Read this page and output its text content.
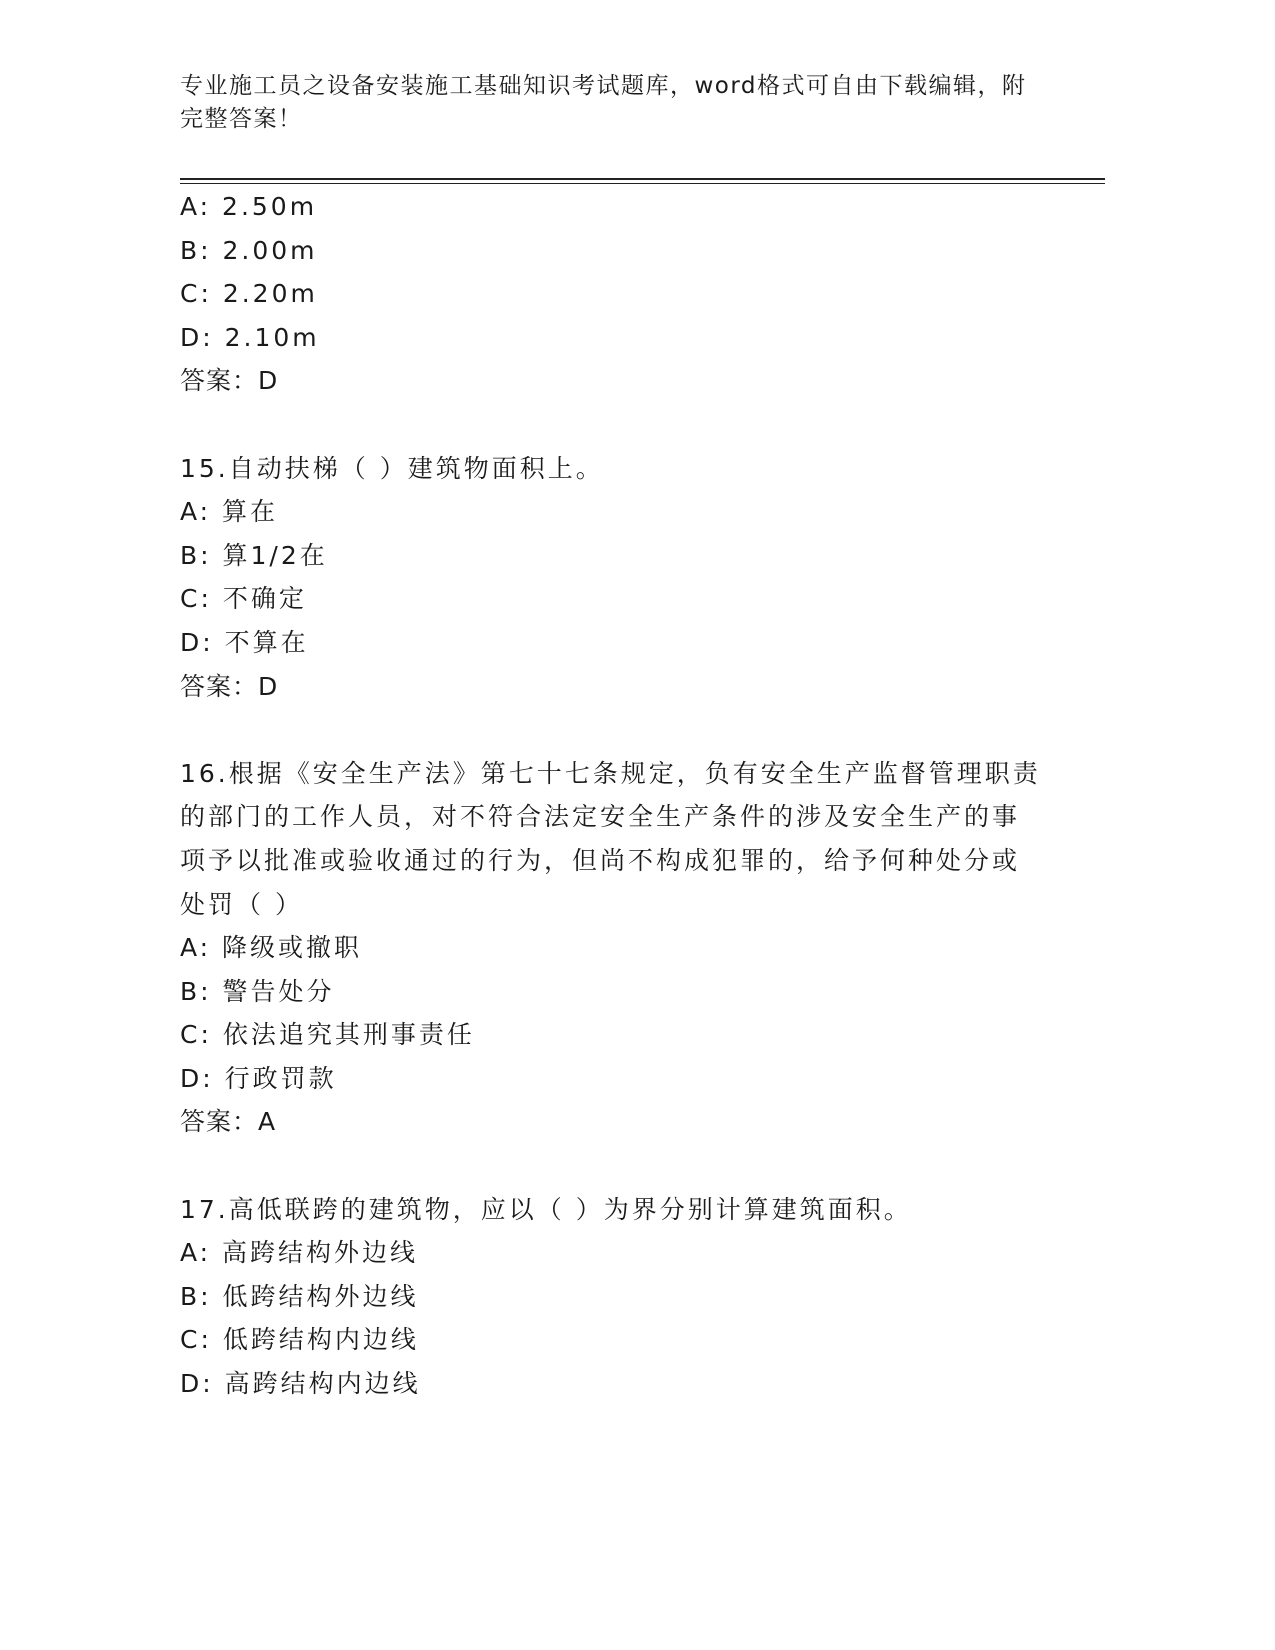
专业施工员之设备安装施工基础知识考试题库，word格式可自由下载编辑，附完整答案！
A: 2.50m
B: 2.00m
C: 2.20m
D: 2.10m
答案：D
15.自动扶梯（ ）建筑物面积上。
A: 算在
B: 算1/2在
C: 不确定
D: 不算在
答案：D
16.根据《安全生产法》第七十七条规定，负有安全生产监督管理职责
的部门的工作人员，对不符合法定安全生产条件的涉及安全生产的事
项予以批准或验收通过的行为，但尚不构成犯罪的，给予何种处分或
处罚（ ）
A: 降级或撤职
B: 警告处分
C: 依法追究其刑事责任
D: 行政罚款
答案：A
17.高低联跨的建筑物，应以（ ）为界分别计算建筑面积。
A: 高跨结构外边线
B: 低跨结构外边线
C: 低跨结构内边线
D: 高跨结构内边线
